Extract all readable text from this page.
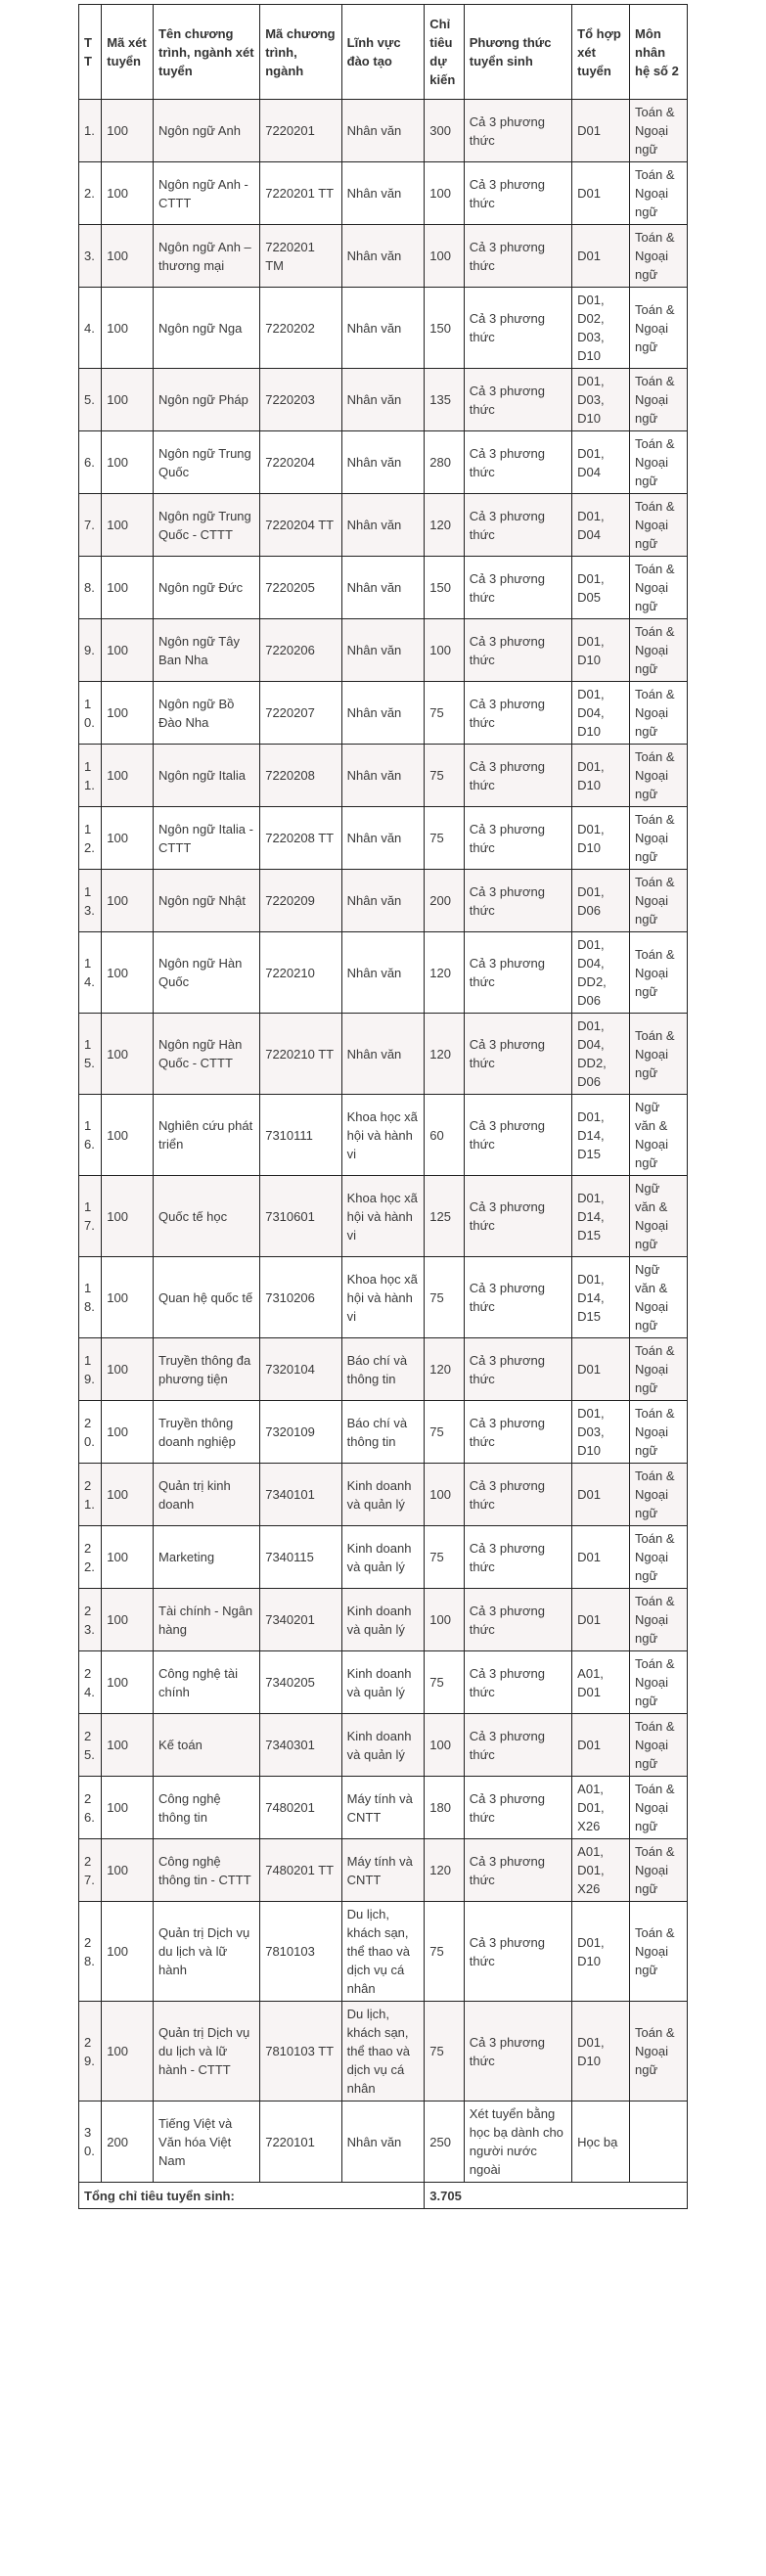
TT	Mã xét tuyển	Tên chương trình, ngành xét tuyển	Mã chương trình, ngành	Lĩnh vực đào tạo	Chỉ tiêu dự kiến	Phương thức tuyển sinh	Tổ hợp xét tuyển	Môn nhân hệ số 2
1.	100	Ngôn ngữ Anh	7220201	Nhân văn	300	Cả 3 phương thức	D01	Toán & Ngoại ngữ
2.	100	Ngôn ngữ Anh - CTTT	7220201 TT	Nhân văn	100	Cả 3 phương thức	D01	Toán & Ngoại ngữ
3.	100	Ngôn ngữ Anh – thương mại	7220201 TM	Nhân văn	100	Cả 3 phương thức	D01	Toán & Ngoại ngữ
4.	100	Ngôn ngữ Nga	7220202	Nhân văn	150	Cả 3 phương thức	D01, D02, D03, D10	Toán & Ngoại ngữ
5.	100	Ngôn ngữ Pháp	7220203	Nhân văn	135	Cả 3 phương thức	D01, D03, D10	Toán & Ngoại ngữ
6.	100	Ngôn ngữ Trung Quốc	7220204	Nhân văn	280	Cả 3 phương thức	D01, D04	Toán & Ngoại ngữ
7.	100	Ngôn ngữ Trung Quốc - CTTT	7220204 TT	Nhân văn	120	Cả 3 phương thức	D01, D04	Toán & Ngoại ngữ
8.	100	Ngôn ngữ Đức	7220205	Nhân văn	150	Cả 3 phương thức	D01, D05	Toán & Ngoại ngữ
9.	100	Ngôn ngữ Tây Ban Nha	7220206	Nhân văn	100	Cả 3 phương thức	D01, D10	Toán & Ngoại ngữ
10.	100	Ngôn ngữ Bồ Đào Nha	7220207	Nhân văn	75	Cả 3 phương thức	D01, D04, D10	Toán & Ngoại ngữ
11.	100	Ngôn ngữ Italia	7220208	Nhân văn	75	Cả 3 phương thức	D01, D10	Toán & Ngoại ngữ
12.	100	Ngôn ngữ Italia - CTTT	7220208 TT	Nhân văn	75	Cả 3 phương thức	D01, D10	Toán & Ngoại ngữ
13.	100	Ngôn ngữ Nhật	7220209	Nhân văn	200	Cả 3 phương thức	D01, D06	Toán & Ngoại ngữ
14.	100	Ngôn ngữ Hàn Quốc	7220210	Nhân văn	120	Cả 3 phương thức	D01, D04, DD2, D06	Toán & Ngoại ngữ
15.	100	Ngôn ngữ Hàn Quốc - CTTT	7220210 TT	Nhân văn	120	Cả 3 phương thức	D01, D04, DD2, D06	Toán & Ngoại ngữ
16.	100	Nghiên cứu phát triển	7310111	Khoa học xã hội và hành vi	60	Cả 3 phương thức	D01, D14, D15	Ngữ văn & Ngoại ngữ
17.	100	Quốc tế học	7310601	Khoa học xã hội và hành vi	125	Cả 3 phương thức	D01, D14, D15	Ngữ văn & Ngoại ngữ
18.	100	Quan hệ quốc tế	7310206	Khoa học xã hội và hành vi	75	Cả 3 phương thức	D01, D14, D15	Ngữ văn & Ngoại ngữ
19.	100	Truyền thông đa phương tiện	7320104	Báo chí và thông tin	120	Cả 3 phương thức	D01	Toán & Ngoại ngữ
20.	100	Truyền thông doanh nghiệp	7320109	Báo chí và thông tin	75	Cả 3 phương thức	D01, D03, D10	Toán & Ngoại ngữ
21.	100	Quản trị kinh doanh	7340101	Kinh doanh và quản lý	100	Cả 3 phương thức	D01	Toán & Ngoại ngữ
22.	100	Marketing	7340115	Kinh doanh và quản lý	75	Cả 3 phương thức	D01	Toán & Ngoại ngữ
23.	100	Tài chính - Ngân hàng	7340201	Kinh doanh và quản lý	100	Cả 3 phương thức	D01	Toán & Ngoại ngữ
24.	100	Công nghệ tài chính	7340205	Kinh doanh và quản lý	75	Cả 3 phương thức	A01, D01	Toán & Ngoại ngữ
25.	100	Kế toán	7340301	Kinh doanh và quản lý	100	Cả 3 phương thức	D01	Toán & Ngoại ngữ
26.	100	Công nghệ thông tin	7480201	Máy tính và CNTT	180	Cả 3 phương thức	A01, D01, X26	Toán & Ngoại ngữ
27.	100	Công nghệ thông tin - CTTT	7480201 TT	Máy tính và CNTT	120	Cả 3 phương thức	A01, D01, X26	Toán & Ngoại ngữ
28.	100	Quản trị Dịch vụ du lịch và lữ hành	7810103	Du lịch, khách sạn, thể thao và dịch vụ cá nhân	75	Cả 3 phương thức	D01, D10	Toán & Ngoại ngữ
29.	100	Quản trị Dịch vụ du lịch và lữ hành - CTTT	7810103 TT	Du lịch, khách sạn, thể thao và dịch vụ cá nhân	75	Cả 3 phương thức	D01, D10	Toán & Ngoại ngữ
30.	200	Tiếng Việt và Văn hóa Việt Nam	7220101	Nhân văn	250	Xét tuyển bằng học bạ dành cho người nước ngoài	Học bạ	
Tổng chỉ tiêu tuyển sinh:					3.705			
